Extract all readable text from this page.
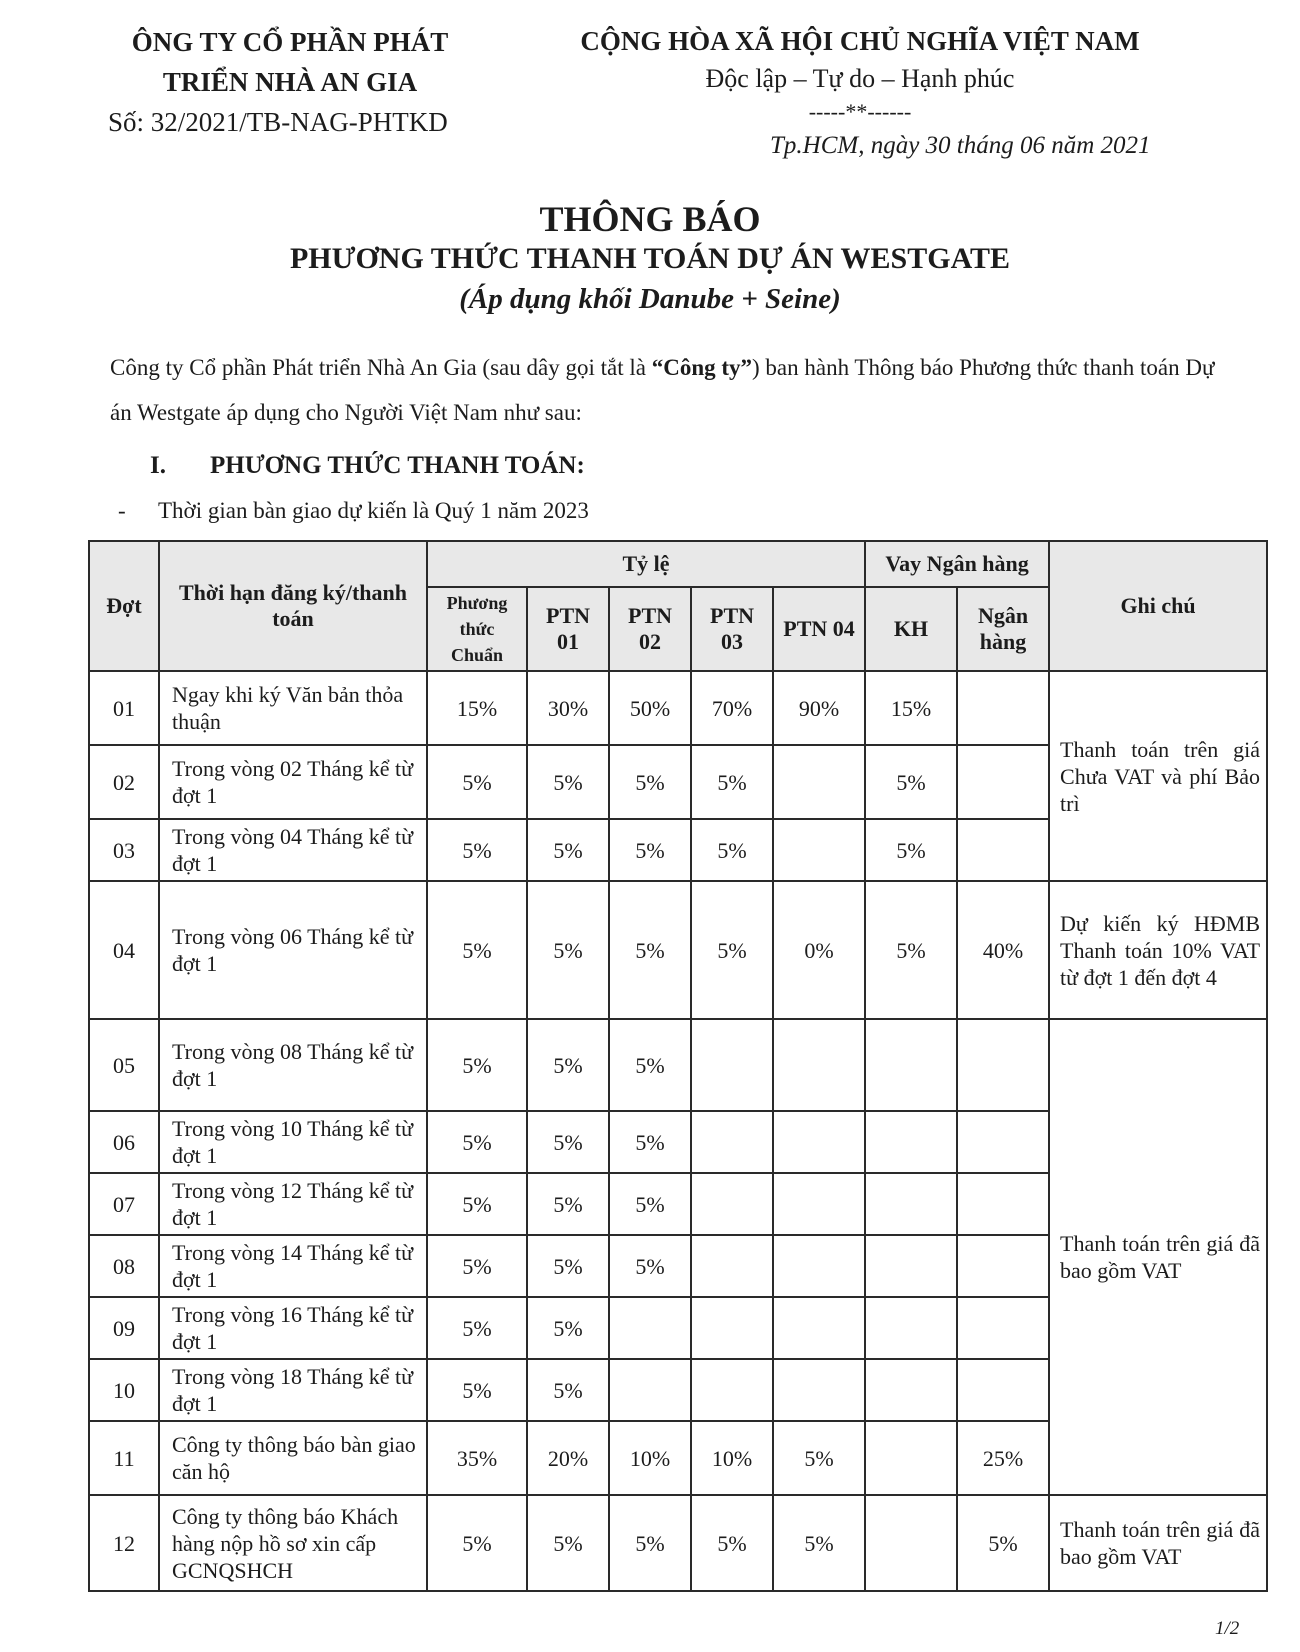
ÔNG TY CỔ PHẦN PHÁT
TRIỂN NHÀ AN GIA
Số: 32/2021/TB-NAG-PHTKD
CỘNG HÒA XÃ HỘI CHỦ NGHĨA VIỆT NAM
Độc lập – Tự do – Hạnh phúc
-----**------
Tp.HCM, ngày 30 tháng 06 năm 2021
THÔNG BÁO
PHƯƠNG THỨC THANH TOÁN DỰ ÁN WESTGATE
(Áp dụng khối Danube + Seine)
Công ty Cổ phần Phát triển Nhà An Gia (sau dây gọi tắt là “Công ty”) ban hành Thông báo Phương thức thanh toán Dự án Westgate áp dụng cho Người Việt Nam như sau:
I. PHƯƠNG THỨC THANH TOÁN:
- Thời gian bàn giao dự kiến là Quý 1 năm 2023
Đợt	Thời hạn đăng ký/thanh toán	Tỷ lệ					Vay Ngân hàng		Ghi chú
		Phương thức Chuẩn	PTN 01	PTN 02	PTN 03	PTN 04	KH	Ngân hàng	
01	Ngay khi ký Văn bản thỏa thuận	15%	30%	50%	70%	90%	15%		Thanh toán trên giá Chưa VAT và phí Bảo trì
02	Trong vòng 02 Tháng kể từ đợt 1	5%	5%	5%	5%		5%		
03	Trong vòng 04 Tháng kể từ đợt 1	5%	5%	5%	5%		5%		
04	Trong vòng 06 Tháng kể từ đợt 1	5%	5%	5%	5%	0%	5%	40%	Dự kiến ký HĐMB Thanh toán 10% VAT từ đợt 1 đến đợt 4
05	Trong vòng 08 Tháng kể từ đợt 1	5%	5%	5%					Thanh toán trên giá đã bao gồm VAT
06	Trong vòng 10 Tháng kể từ đợt 1	5%	5%	5%					
07	Trong vòng 12 Tháng kể từ đợt 1	5%	5%	5%					
08	Trong vòng 14 Tháng kể từ đợt 1	5%	5%	5%					
09	Trong vòng 16 Tháng kể từ đợt 1	5%	5%						
10	Trong vòng 18 Tháng kể từ đợt 1	5%	5%						
11	Công ty thông báo bàn giao căn hộ	35%	20%	10%	10%	5%		25%	
12	Công ty thông báo Khách hàng nộp hồ sơ xin cấp GCNQSHCH	5%	5%	5%	5%	5%		5%	Thanh toán trên giá đã bao gồm VAT
1/2
